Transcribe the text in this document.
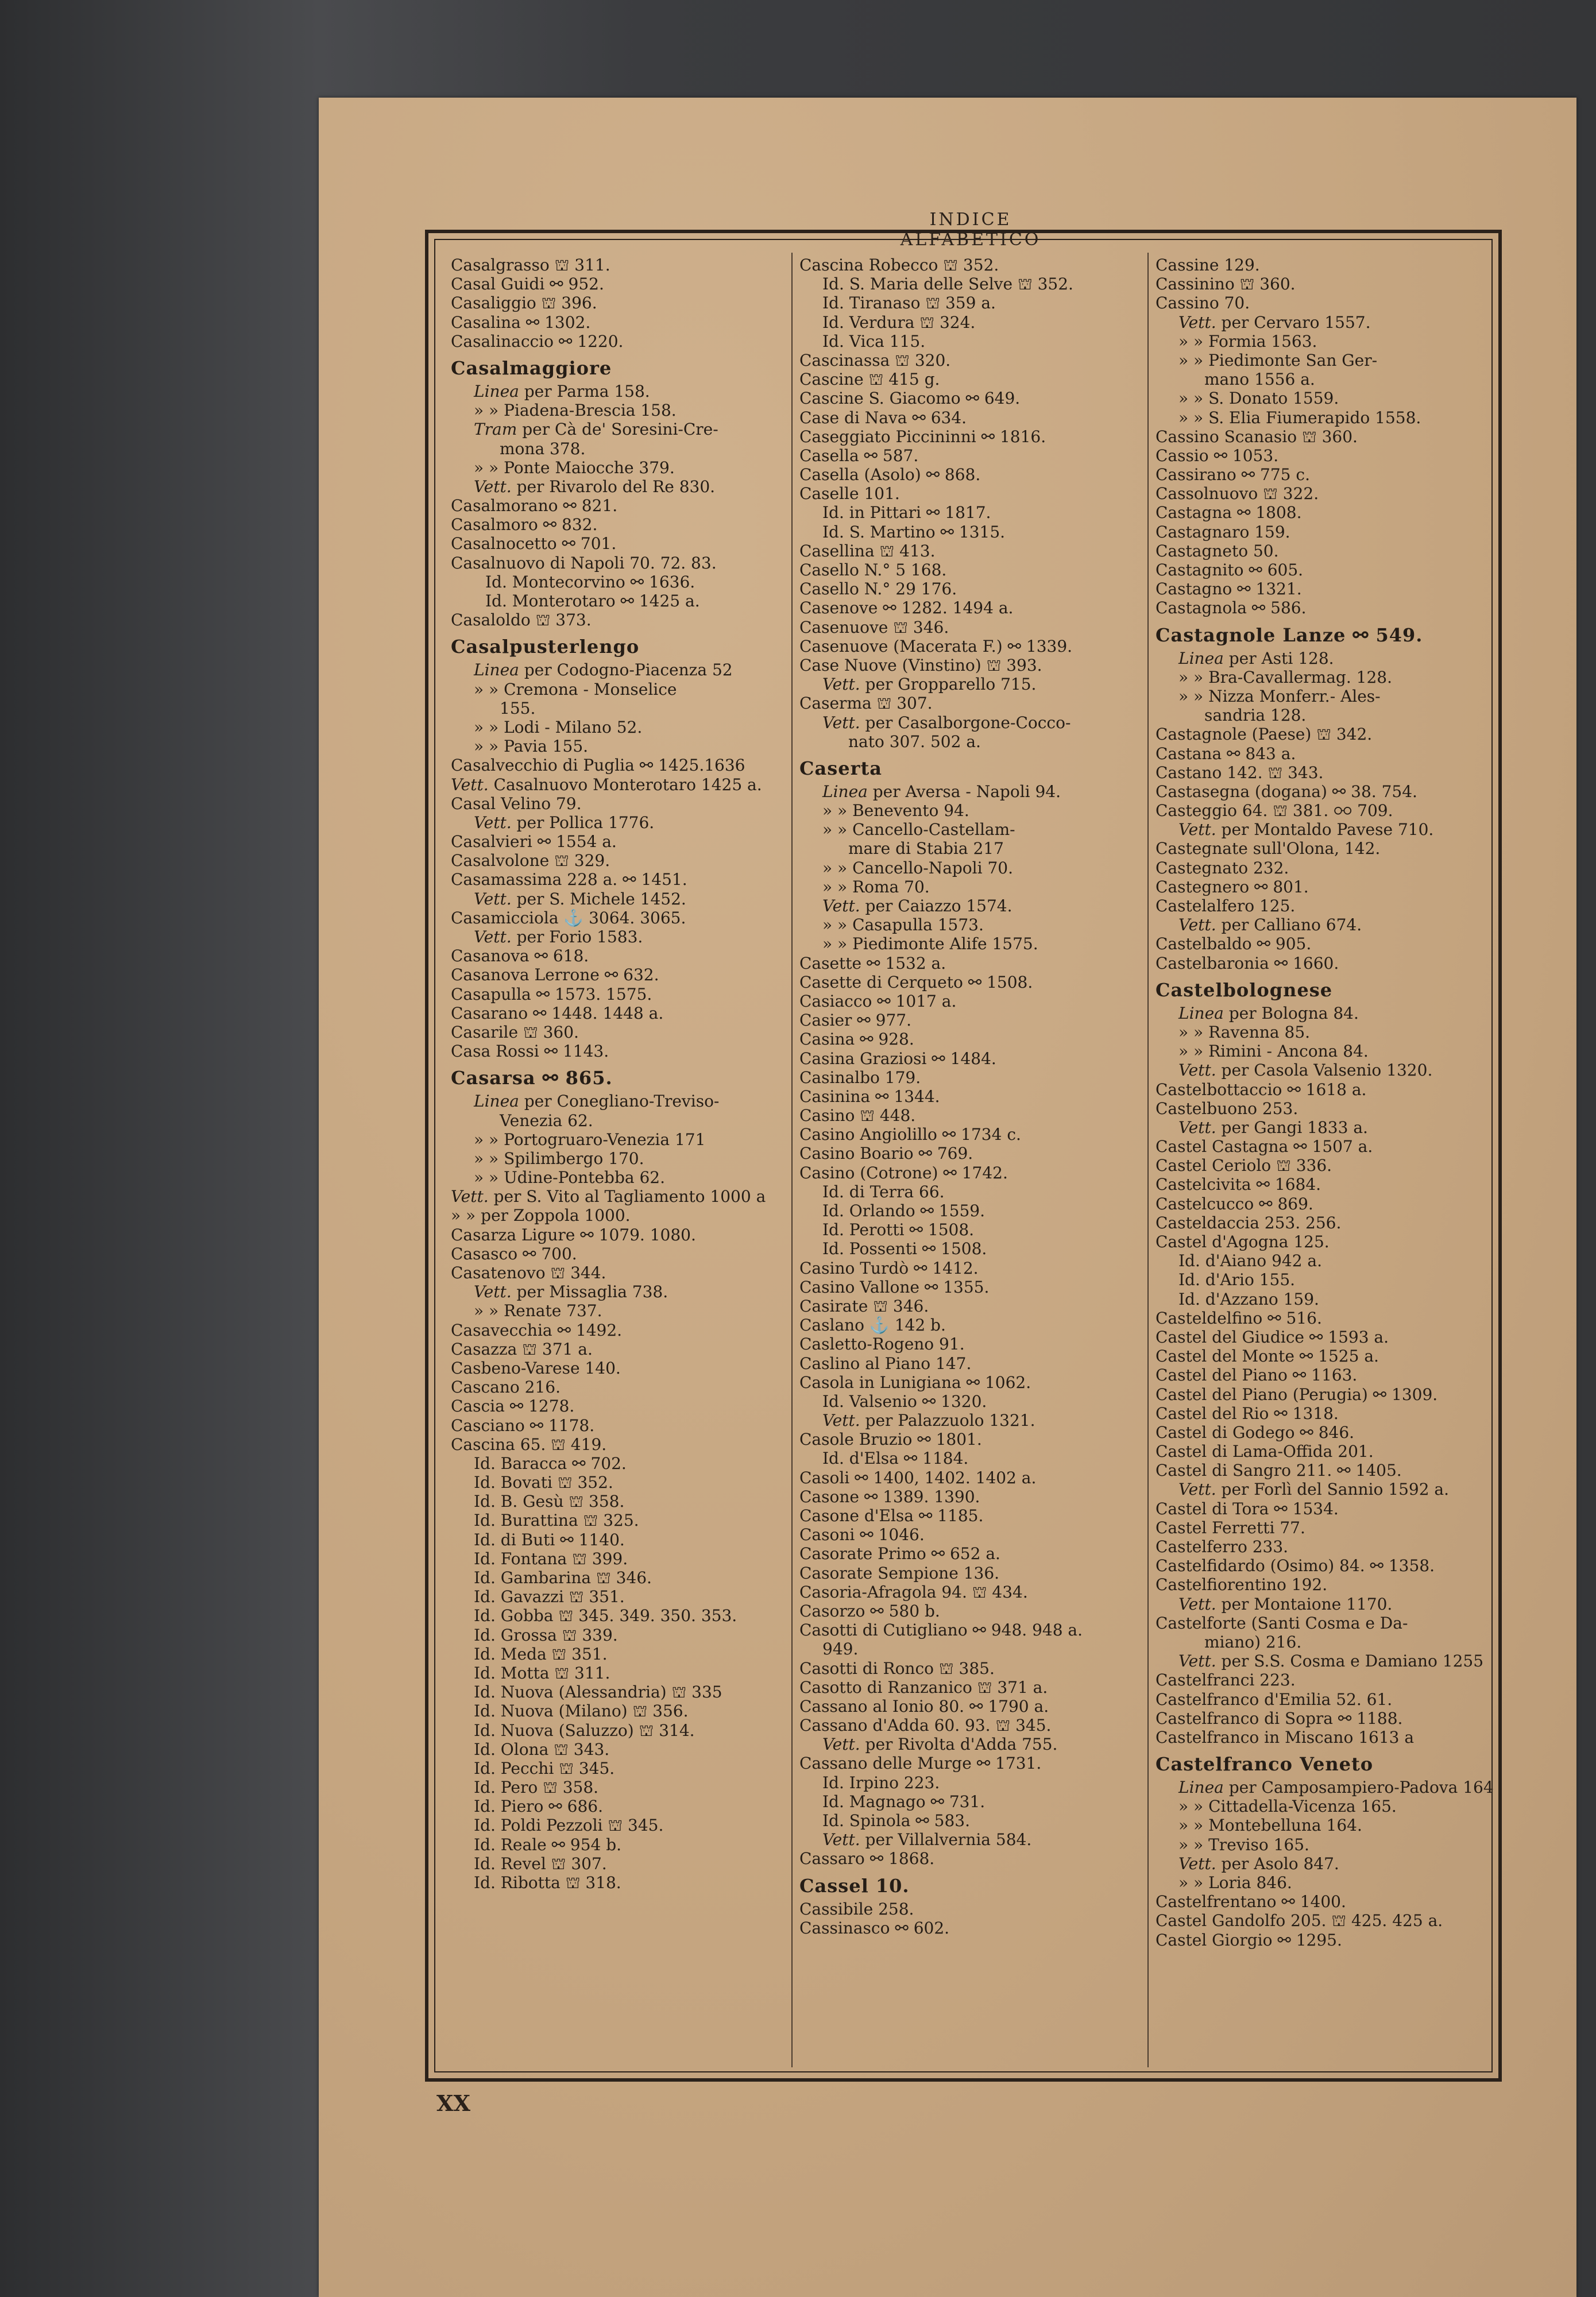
INDICE ALFABETICO
Casalgrasso ⛫ 311.
Casal Guidi ⚯ 952.
Casaliggio ⛫ 396.
Casalina ⚯ 1302.
Casalinaccio ⚯ 1220.
Casalmaggiore
Linea per Parma 158.
» » Piadena-Brescia 158.
Tram per Cà de' Soresini-Cre-
mona 378.
» » Ponte Maiocche 379.
Vett. per Rivarolo del Re 830.
Casalmorano ⚯ 821.
Casalmoro ⚯ 832.
Casalnocetto ⚯ 701.
Casalnuovo di Napoli 70. 72. 83.
Id. Montecorvino ⚯ 1636.
Id. Monterotaro ⚯ 1425 a.
Casaloldo ⛫ 373.
Casalpusterlengo
Linea per Codogno-Piacenza 52
» » Cremona - Monselice
155.
» » Lodi - Milano 52.
» » Pavia 155.
Casalvecchio di Puglia ⚯ 1425.1636
Vett. Casalnuovo Monterotaro 1425 a.
Casal Velino 79.
Vett. per Pollica 1776.
Casalvieri ⚯ 1554 a.
Casalvolone ⛫ 329.
Casamassima 228 a. ⚯ 1451.
Vett. per S. Michele 1452.
Casamicciola ⚓ 3064. 3065.
Vett. per Forio 1583.
Casanova ⚯ 618.
Casanova Lerrone ⚯ 632.
Casapulla ⚯ 1573. 1575.
Casarano ⚯ 1448. 1448 a.
Casarile ⛫ 360.
Casa Rossi ⚯ 1143.
Casarsa ⚯ 865.
Linea per Conegliano-Treviso-
Venezia 62.
» » Portogruaro-Venezia 171
» » Spilimbergo 170.
» » Udine-Pontebba 62.
Vett. per S. Vito al Tagliamento 1000 a
» » per Zoppola 1000.
Casarza Ligure ⚯ 1079. 1080.
Casasco ⚯ 700.
Casatenovo ⛫ 344.
Vett. per Missaglia 738.
» » Renate 737.
Casavecchia ⚯ 1492.
Casazza ⛫ 371 a.
Casbeno-Varese 140.
Cascano 216.
Cascia ⚯ 1278.
Casciano ⚯ 1178.
Cascina 65. ⛫ 419.
Id. Baracca ⚯ 702.
Id. Bovati ⛫ 352.
Id. B. Gesù ⛫ 358.
Id. Burattina ⛫ 325.
Id. di Buti ⚯ 1140.
Id. Fontana ⛫ 399.
Id. Gambarina ⛫ 346.
Id. Gavazzi ⛫ 351.
Id. Gobba ⛫ 345. 349. 350. 353.
Id. Grossa ⛫ 339.
Id. Meda ⛫ 351.
Id. Motta ⛫ 311.
Id. Nuova (Alessandria) ⛫ 335
Id. Nuova (Milano) ⛫ 356.
Id. Nuova (Saluzzo) ⛫ 314.
Id. Olona ⛫ 343.
Id. Pecchi ⛫ 345.
Id. Pero ⛫ 358.
Id. Piero ⚯ 686.
Id. Poldi Pezzoli ⛫ 345.
Id. Reale ⚯ 954 b.
Id. Revel ⛫ 307.
Id. Ribotta ⛫ 318.
Cascina Robecco ⛫ 352.
Id. S. Maria delle Selve ⛫ 352.
Id. Tiranaso ⛫ 359 a.
Id. Verdura ⛫ 324.
Id. Vica 115.
Cascinassa ⛫ 320.
Cascine ⛫ 415 g.
Cascine S. Giacomo ⚯ 649.
Case di Nava ⚯ 634.
Caseggiato Piccininni ⚯ 1816.
Casella ⚯ 587.
Casella (Asolo) ⚯ 868.
Caselle 101.
Id. in Pittari ⚯ 1817.
Id. S. Martino ⚯ 1315.
Casellina ⛫ 413.
Casello N.° 5 168.
Casello N.° 29 176.
Casenove ⚯ 1282. 1494 a.
Casenuove ⛫ 346.
Casenuove (Macerata F.) ⚯ 1339.
Case Nuove (Vinstino) ⛫ 393.
Vett. per Gropparello 715.
Caserma ⛫ 307.
Vett. per Casalborgone-Cocco-
nato 307. 502 a.
Caserta
Linea per Aversa - Napoli 94.
» » Benevento 94.
» » Cancello-Castellam-
mare di Stabia 217
» » Cancello-Napoli 70.
» » Roma 70.
Vett. per Caiazzo 1574.
» » Casapulla 1573.
» » Piedimonte Alife 1575.
Casette ⚯ 1532 a.
Casette di Cerqueto ⚯ 1508.
Casiacco ⚯ 1017 a.
Casier ⚯ 977.
Casina ⚯ 928.
Casina Graziosi ⚯ 1484.
Casinalbo 179.
Casinina ⚯ 1344.
Casino ⛫ 448.
Casino Angiolillo ⚯ 1734 c.
Casino Boario ⚯ 769.
Casino (Cotrone) ⚯ 1742.
Id. di Terra 66.
Id. Orlando ⚯ 1559.
Id. Perotti ⚯ 1508.
Id. Possenti ⚯ 1508.
Casino Turdò ⚯ 1412.
Casino Vallone ⚯ 1355.
Casirate ⛫ 346.
Caslano ⚓ 142 b.
Casletto-Rogeno 91.
Caslino al Piano 147.
Casola in Lunigiana ⚯ 1062.
Id. Valsenio ⚯ 1320.
Vett. per Palazzuolo 1321.
Casole Bruzio ⚯ 1801.
Id. d'Elsa ⚯ 1184.
Casoli ⚯ 1400, 1402. 1402 a.
Casone ⚯ 1389. 1390.
Casone d'Elsa ⚯ 1185.
Casoni ⚯ 1046.
Casorate Primo ⚯ 652 a.
Casorate Sempione 136.
Casoria-Afragola 94. ⛫ 434.
Casorzo ⚯ 580 b.
Casotti di Cutigliano ⚯ 948. 948 a.
949.
Casotti di Ronco ⛫ 385.
Casotto di Ranzanico ⛫ 371 a.
Cassano al Ionio 80. ⚯ 1790 a.
Cassano d'Adda 60. 93. ⛫ 345.
Vett. per Rivolta d'Adda 755.
Cassano delle Murge ⚯ 1731.
Id. Irpino 223.
Id. Magnago ⚯ 731.
Id. Spinola ⚯ 583.
Vett. per Villalvernia 584.
Cassaro ⚯ 1868.
Cassel 10.
Cassibile 258.
Cassinasco ⚯ 602.
Cassine 129.
Cassinino ⛫ 360.
Cassino 70.
Vett. per Cervaro 1557.
» » Formia 1563.
» » Piedimonte San Ger-
mano 1556 a.
» » S. Donato 1559.
» » S. Elia Fiumerapido 1558.
Cassino Scanasio ⛫ 360.
Cassio ⚯ 1053.
Cassirano ⚯ 775 c.
Cassolnuovo ⛫ 322.
Castagna ⚯ 1808.
Castagnaro 159.
Castagneto 50.
Castagnito ⚯ 605.
Castagno ⚯ 1321.
Castagnola ⚯ 586.
Castagnole Lanze ⚯ 549.
Linea per Asti 128.
» » Bra-Cavallermag. 128.
» » Nizza Monferr.- Ales-
sandria 128.
Castagnole (Paese) ⛫ 342.
Castana ⚯ 843 a.
Castano 142. ⛫ 343.
Castasegna (dogana) ⚯ 38. 754.
Casteggio 64. ⛫ 381. ⚯ 709.
Vett. per Montaldo Pavese 710.
Castegnate sull'Olona, 142.
Castegnato 232.
Castegnero ⚯ 801.
Castelalfero 125.
Vett. per Calliano 674.
Castelbaldo ⚯ 905.
Castelbaronia ⚯ 1660.
Castelbolognese
Linea per Bologna 84.
» » Ravenna 85.
» » Rimini - Ancona 84.
Vett. per Casola Valsenio 1320.
Castelbottaccio ⚯ 1618 a.
Castelbuono 253.
Vett. per Gangi 1833 a.
Castel Castagna ⚯ 1507 a.
Castel Ceriolo ⛫ 336.
Castelcivita ⚯ 1684.
Castelcucco ⚯ 869.
Casteldaccia 253. 256.
Castel d'Agogna 125.
Id. d'Aiano 942 a.
Id. d'Ario 155.
Id. d'Azzano 159.
Casteldelfino ⚯ 516.
Castel del Giudice ⚯ 1593 a.
Castel del Monte ⚯ 1525 a.
Castel del Piano ⚯ 1163.
Castel del Piano (Perugia) ⚯ 1309.
Castel del Rio ⚯ 1318.
Castel di Godego ⚯ 846.
Castel di Lama-Offida 201.
Castel di Sangro 211. ⚯ 1405.
Vett. per Forlì del Sannio 1592 a.
Castel di Tora ⚯ 1534.
Castel Ferretti 77.
Castelferro 233.
Castelfidardo (Osimo) 84. ⚯ 1358.
Castelfiorentino 192.
Vett. per Montaione 1170.
Castelforte (Santi Cosma e Da-
miano) 216.
Vett. per S.S. Cosma e Damiano 1255
Castelfranci 223.
Castelfranco d'Emilia 52. 61.
Castelfranco di Sopra ⚯ 1188.
Castelfranco in Miscano 1613 a
Castelfranco Veneto
Linea per Camposampiero-Padova 164
» » Cittadella-Vicenza 165.
» » Montebelluna 164.
» » Treviso 165.
Vett. per Asolo 847.
» » Loria 846.
Castelfrentano ⚯ 1400.
Castel Gandolfo 205. ⛫ 425. 425 a.
Castel Giorgio ⚯ 1295.
XX
